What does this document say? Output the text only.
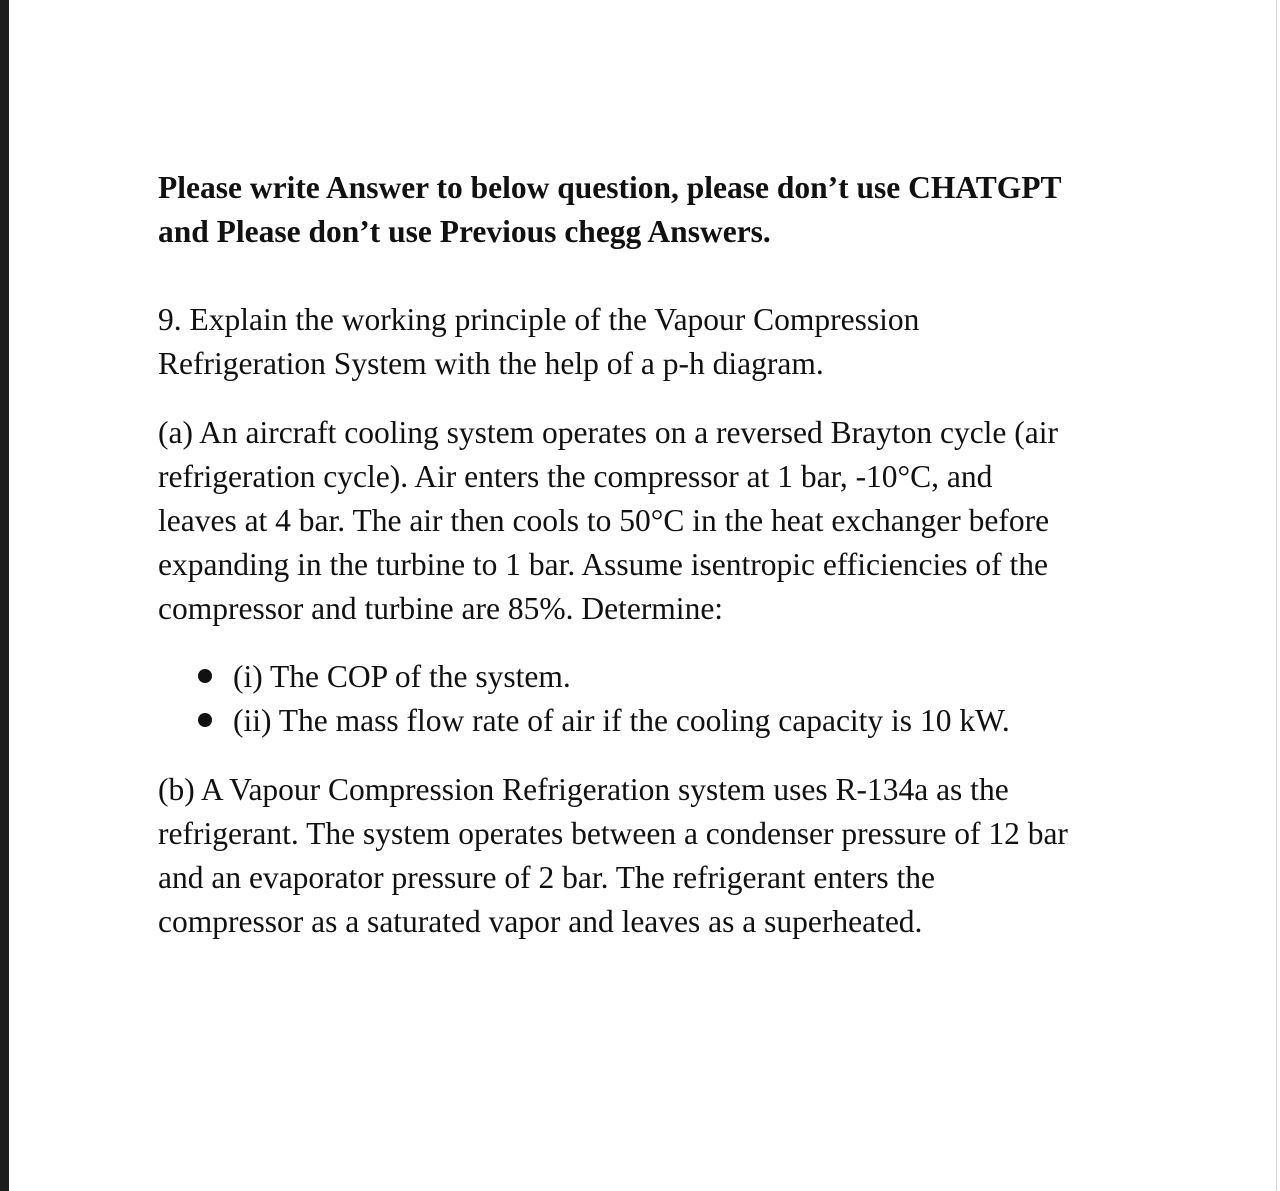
Please write Answer to below question, please don’t use CHATGPT
and Please don’t use Previous chegg Answers.

9. Explain the working principle of the Vapour Compression
Refrigeration System with the help of a p-h diagram.

(a) An aircraft cooling system operates on a reversed Brayton cycle (air
refrigeration cycle). Air enters the compressor at 1 bar, -10°C, and
leaves at 4 bar. The air then cools to 50°C in the heat exchanger before
expanding in the turbine to 1 bar. Assume isentropic efficiencies of the
compressor and turbine are 85%. Determine:

(i) The COP of the system.
(ii) The mass flow rate of air if the cooling capacity is 10 kW.

(b) A Vapour Compression Refrigeration system uses R-134a as the
refrigerant. The system operates between a condenser pressure of 12 bar
and an evaporator pressure of 2 bar. The refrigerant enters the
compressor as a saturated vapor and leaves as a superheated.
